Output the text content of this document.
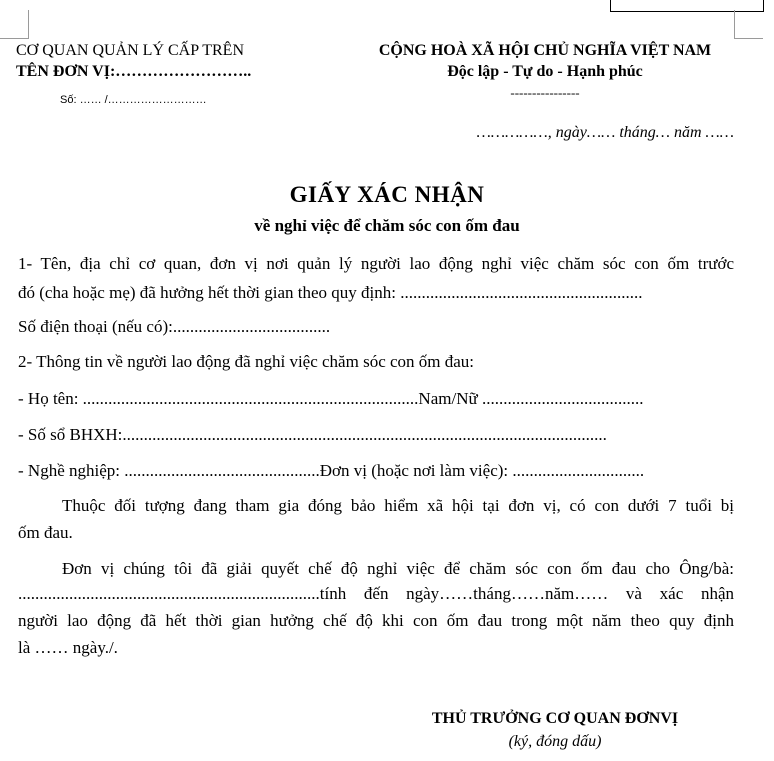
CƠ QUAN QUẢN LÝ CẤP TRÊN
TÊN ĐƠN VỊ:……………………..
Số: …… /………………………
CỘNG HOÀ XÃ HỘI CHỦ NGHĨA VIỆT NAM
Độc lập - Tự do - Hạnh phúc
----------------
……………, ngày…… tháng… năm ……
GIẤY XÁC NHẬN
về nghỉ việc để chăm sóc con ốm đau
1- Tên, địa chỉ cơ quan, đơn vị nơi quản lý người lao động nghỉ việc chăm sóc con ốm trước
đó (cha hoặc mẹ) đã hưởng hết thời gian theo quy định: .........................................................
Số điện thoại (nếu có):.....................................
2- Thông tin về người lao động đã nghỉ việc chăm sóc con ốm đau:
- Họ tên: ...............................................................................Nam/Nữ ......................................
- Số sổ BHXH:..................................................................................................................
- Nghề nghiệp: ..............................................Đơn vị (hoặc nơi làm việc): ...............................
Thuộc đối tượng đang tham gia đóng bảo hiểm xã hội tại đơn vị, có con dưới 7 tuổi bị
ốm đau.
Đơn vị chúng tôi đã giải quyết chế độ nghỉ việc để chăm sóc con ốm đau cho Ông/bà:
.......................................................................tính đến ngày……tháng……năm…… và xác nhận
người lao động đã hết thời gian hưởng chế độ khi con ốm đau trong một năm theo quy định
là …… ngày./.
THỦ TRƯỞNG CƠ QUAN ĐƠNVỊ
(ký, đóng dấu)
